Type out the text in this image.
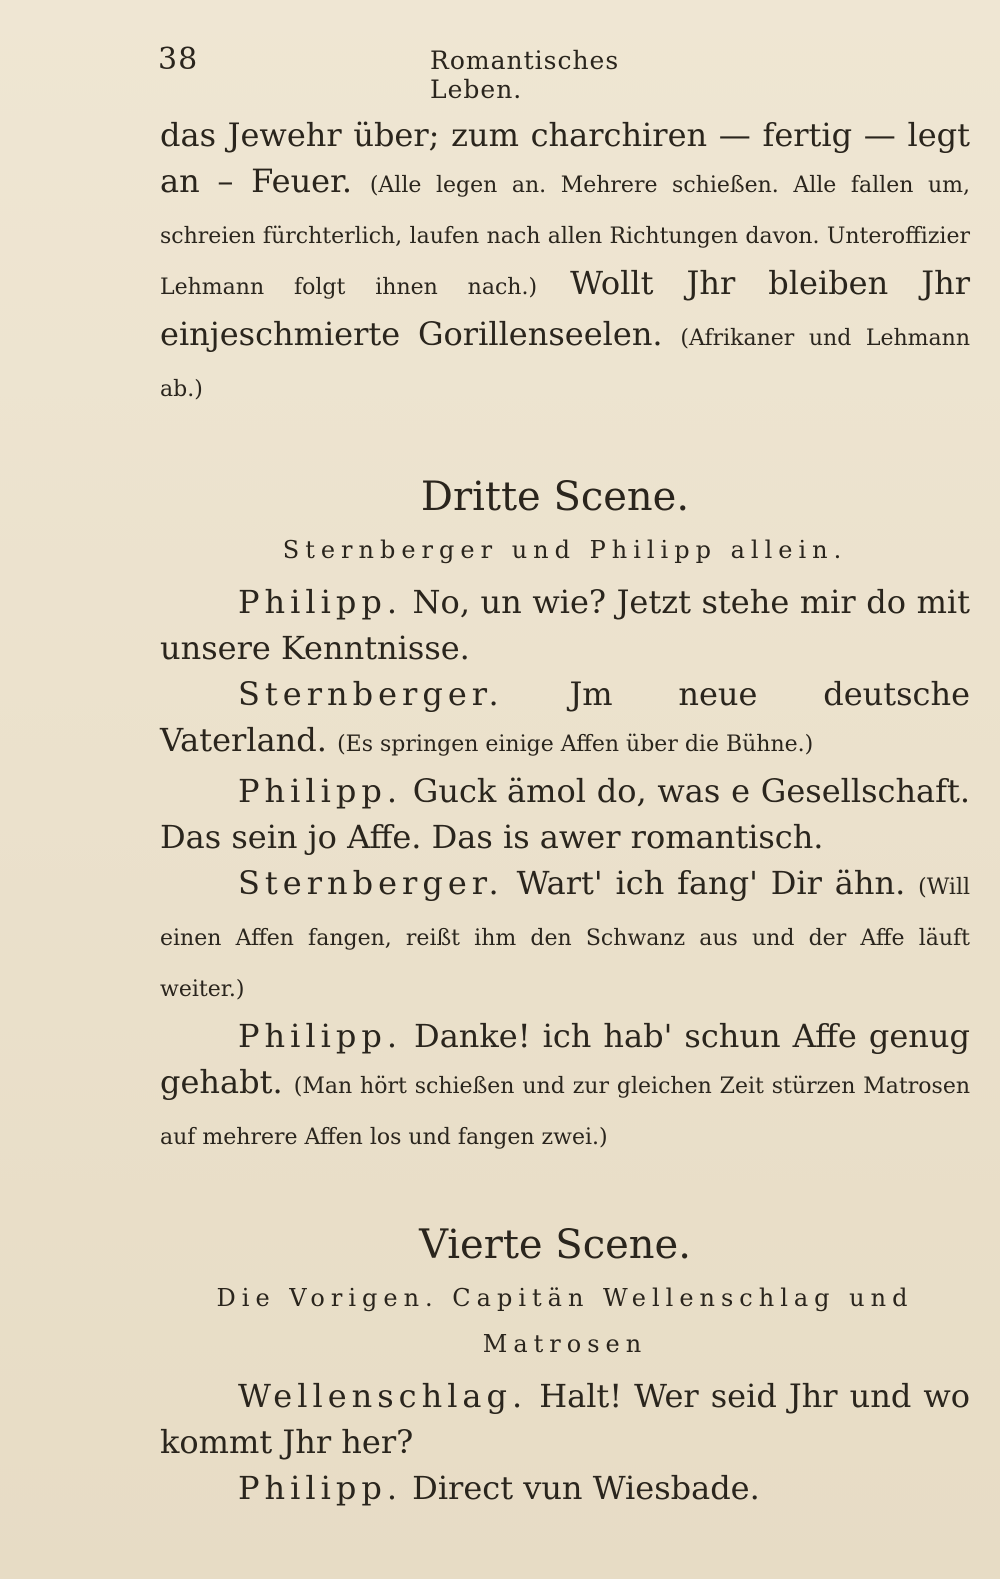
38	Romantisches Leben.

das Jewehr über; zum charchiren — fertig — legt an – Feuer. (Alle legen an. Mehrere schießen. Alle fallen um, schreien fürchterlich, laufen nach allen Richtungen davon. Unteroffizier Lehmann folgt ihnen nach.) Wollt Jhr bleiben Jhr einjeschmierte Gorillenseelen. (Afrikaner und Lehmann ab.)

Dritte Scene.

Sternberger und Philipp allein.

Philipp. No, un wie? Jetzt stehe mir do mit unsere Kenntnisse.

Sternberger. Jm neue deutsche Vaterland. (Es springen einige Affen über die Bühne.)

Philipp. Guck ämol do, was e Gesellschaft. Das sein jo Affe. Das is awer romantisch.

Sternberger. Wart' ich fang' Dir ähn. (Will einen Affen fangen, reißt ihm den Schwanz aus und der Affe läuft weiter.)

Philipp. Danke! ich hab' schun Affe genug gehabt. (Man hört schießen und zur gleichen Zeit stürzen Matrosen auf mehrere Affen los und fangen zwei.)

Vierte Scene.

Die Vorigen. Capitän Wellenschlag und Matrosen

Wellenschlag. Halt! Wer seid Jhr und wo kommt Jhr her?

Philipp. Direct vun Wiesbade.
